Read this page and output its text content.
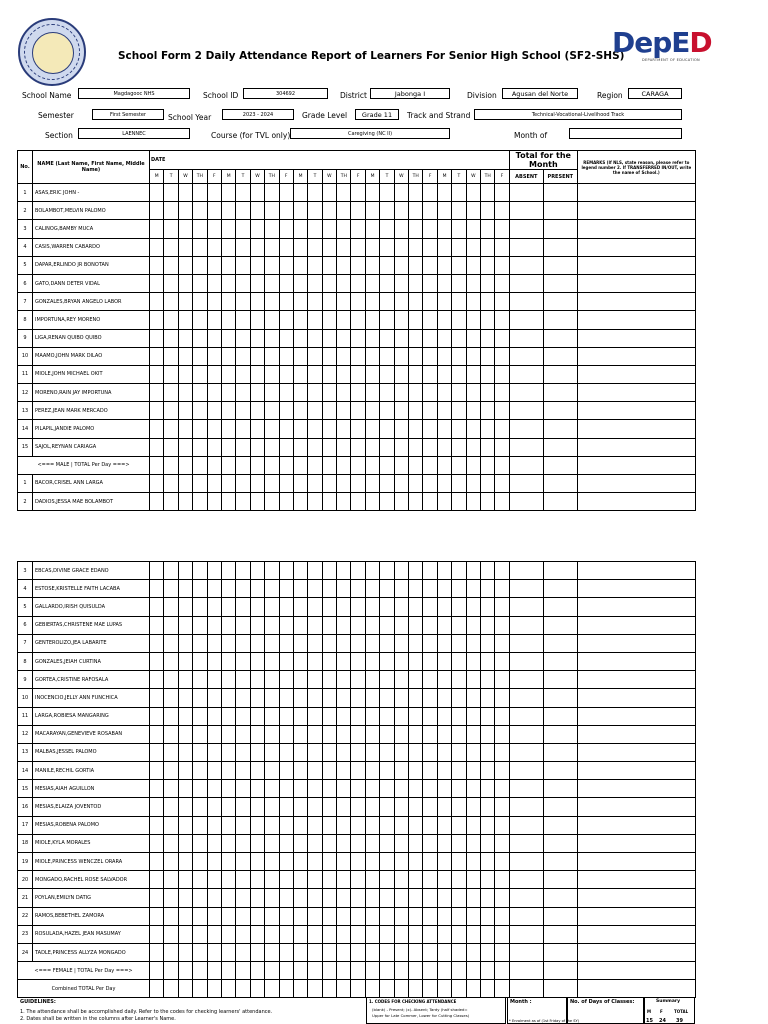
School Form 2 Daily Attendance Report of Learners For Senior High School (SF2-SHS)
DepED
DEPARTMENT OF EDUCATION
School Name	Magdagooc NHS	School ID	304692	District	Jabonga I	Division	Agusan del Norte	Region	CARAGA
Semester	First Semester	School Year	2023 - 2024	Grade Level	Grade 11	Track and Strand	Technical-Vocational-Livelihood Track
Section	LAENNEC	Course (for TVL only)	Caregiving (NC II)	Month of
No.	NAME (Last Name, First Name, Middle Name)	DATE																									Total for the Month		REMARKS (If NLS, state reason, please refer to legend number 2. If TRANSFERRED IN/OUT, write the name of School.)
		M	T	W	TH	F	M	T	W	TH	F	M	T	W	TH	F	M	T	W	TH	F	M	T	W	TH	F	ABSENT	PRESENT	
1	ASAS,ERIC JOHN -																												
2	BOLAMBOT,MELVIN PALOMO																												
3	CALINOG,BAMBY MUCA																												
4	CASIS,WARREN CABARDO																												
5	DAPAR,ERLINDO JR BONOTAN																												
6	GATO,DANN DETER VIDAL																												
7	GONZALES,BRYAN ANGELO LABOR																												
8	IMPORTUNA,REY MORENO																												
9	LIGA,RENAN QUIBO QUIBO																												
10	MAAMO,JOHN MARK DILAO																												
11	MIOLE,JOHN MICHAEL OKIT																												
12	MORENO,RAIN JAY IMPORTUNA																												
13	PEREZ,JEAN MARK MERCADO																												
14	PILAPIL,JANDIE PALOMO																												
15	SAJOL,REYNAN CARIAGA																												
<=== MALE | TOTAL Per Day ===>																													
1	BACOR,CRISEL ANN LARGA																												
2	DADIOS,JESSA MAE BOLAMBOT																												
3	EBCAS,DIVINE GRACE EDANO																												
4	ESTOSE,KRISTELLE FAITH LACABA																												
5	GALLARDO,IRISH QUISULDA																												
6	GEBIERTAS,CHRISTENE MAE LUPAS																												
7	GENTEROLIZO,JEA LABARITE																												
8	GONZALES,JEIAH CURTINA																												
9	GORTEA,CRISTINE RAFOSALA																												
10	INOCENCIO,JELLY ANN FUNCHICA																												
11	LARGA,ROBIESA MANGARING																												
12	MACARAYAN,GENEVIEVE ROSABAN																												
13	MALBAS,JESSEL PALOMO																												
14	MANILE,RECHIL GORTIA																												
15	MESIAS,AIAH AGUILLON																												
16	MESIAS,ELAIZA JOVENTOD																												
17	MESIAS,ROBENA PALOMO																												
18	MIOLE,KYLA MORALES																												
19	MIOLE,PRINCESS WENCZEL ORARA																												
20	MONGADO,RACHEL ROSE SALVADOR																												
21	POYLAN,EMILYN DATIG																												
22	RAMOS,BEBETHEL ZAMORA																												
23	ROSULADA,HAZEL JEAN MASUMAY																												
24	TADLE,PRINCESS ALLYZA MONGADO																												
<=== FEMALE | TOTAL Per Day ===>																													
Combined TOTAL Per Day																													
GUIDELINES:
1. The attendance shall be accomplished daily. Refer to the codes for checking learners' attendance.
2. Dates shall be written in the columns after Learner's Name.
1. CODES FOR CHECKING ATTENDANCE
(blank) - Present; (x)- Absent; Tardy (half shaded=
Upper for Late Commer, Lower for Cutting Classes)
Month :
* Enrolment as of (1st Friday of the SY)
No. of Days of Classes:	Summary
M F	TOTAL
15 24 39
